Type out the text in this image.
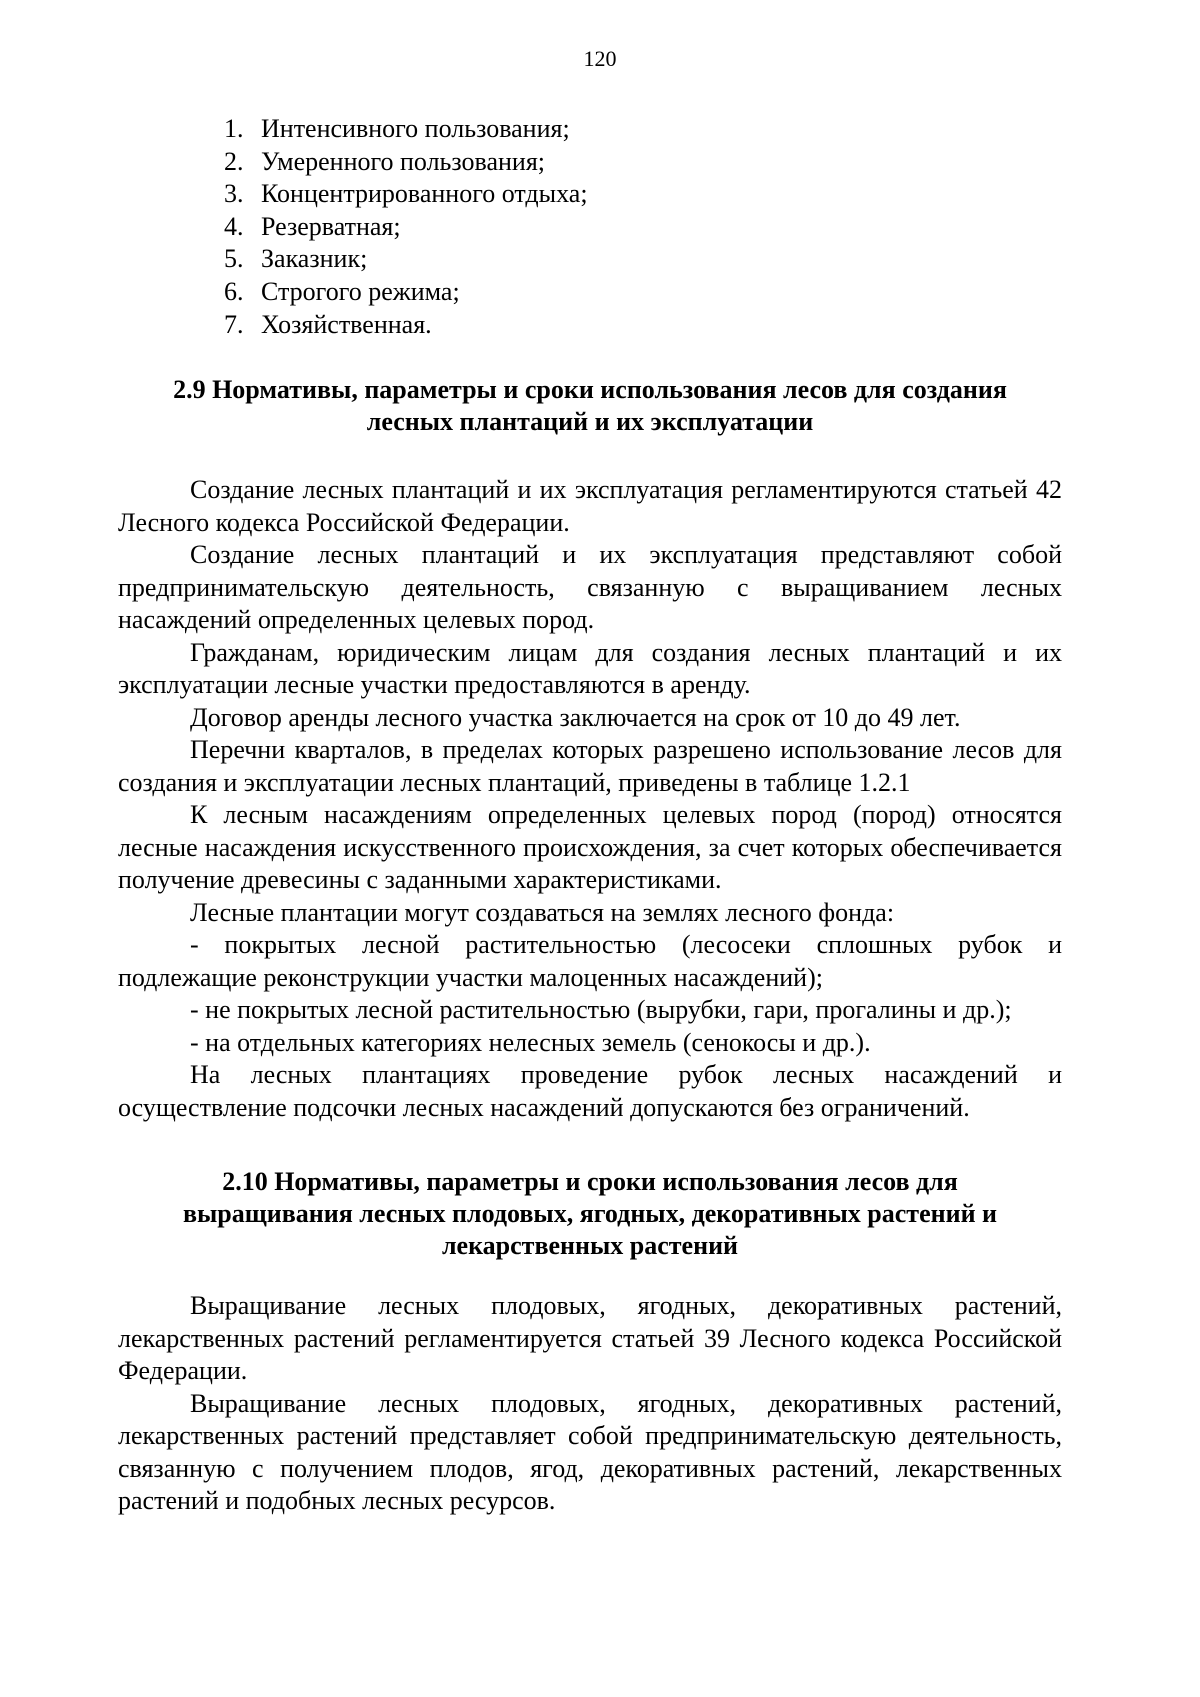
120
1. Интенсивного пользования;
2. Умеренного пользования;
3. Концентрированного отдыха;
4. Резерватная;
5. Заказник;
6. Строгого режима;
7. Хозяйственная.
2.9 Нормативы, параметры и сроки использования лесов для создания
лесных плантаций и их эксплуатации

Создание лесных плантаций и их эксплуатация регламентируются статьей 42 Лесного кодекса Российской Федерации.

Создание лесных плантаций и их эксплуатация представляют собой предпринимательскую деятельность, связанную с выращиванием лесных насаждений определенных целевых пород.

Гражданам, юридическим лицам для создания лесных плантаций и их эксплуатации лесные участки предоставляются в аренду.

Договор аренды лесного участка заключается на срок от 10 до 49 лет.

Перечни кварталов, в пределах которых разрешено использование лесов для создания и эксплуатации лесных плантаций, приведены в таблице 1.2.1

К лесным насаждениям определенных целевых пород (пород) относятся лесные насаждения искусственного происхождения, за счет которых обеспечивается получение древесины с заданными характеристиками.

Лесные плантации могут создаваться на землях лесного фонда:

- покрытых лесной растительностью (лесосеки сплошных рубок и подлежащие реконструкции участки малоценных насаждений);

- не покрытых лесной растительностью (вырубки, гари, прогалины и др.);

- на отдельных категориях нелесных земель (сенокосы и др.).

На лесных плантациях проведение рубок лесных насаждений и осуществление подсочки лесных насаждений допускаются без ограничений.

2.10 Нормативы, параметры и сроки использования лесов для
выращивания лесных плодовых, ягодных, декоративных растений и
лекарственных растений

Выращивание лесных плодовых, ягодных, декоративных растений, лекарственных растений регламентируется статьей 39 Лесного кодекса Российской Федерации.

Выращивание лесных плодовых, ягодных, декоративных растений, лекарственных растений представляет собой предпринимательскую деятельность, связанную с получением плодов, ягод, декоративных растений, лекарственных растений и подобных лесных ресурсов.
